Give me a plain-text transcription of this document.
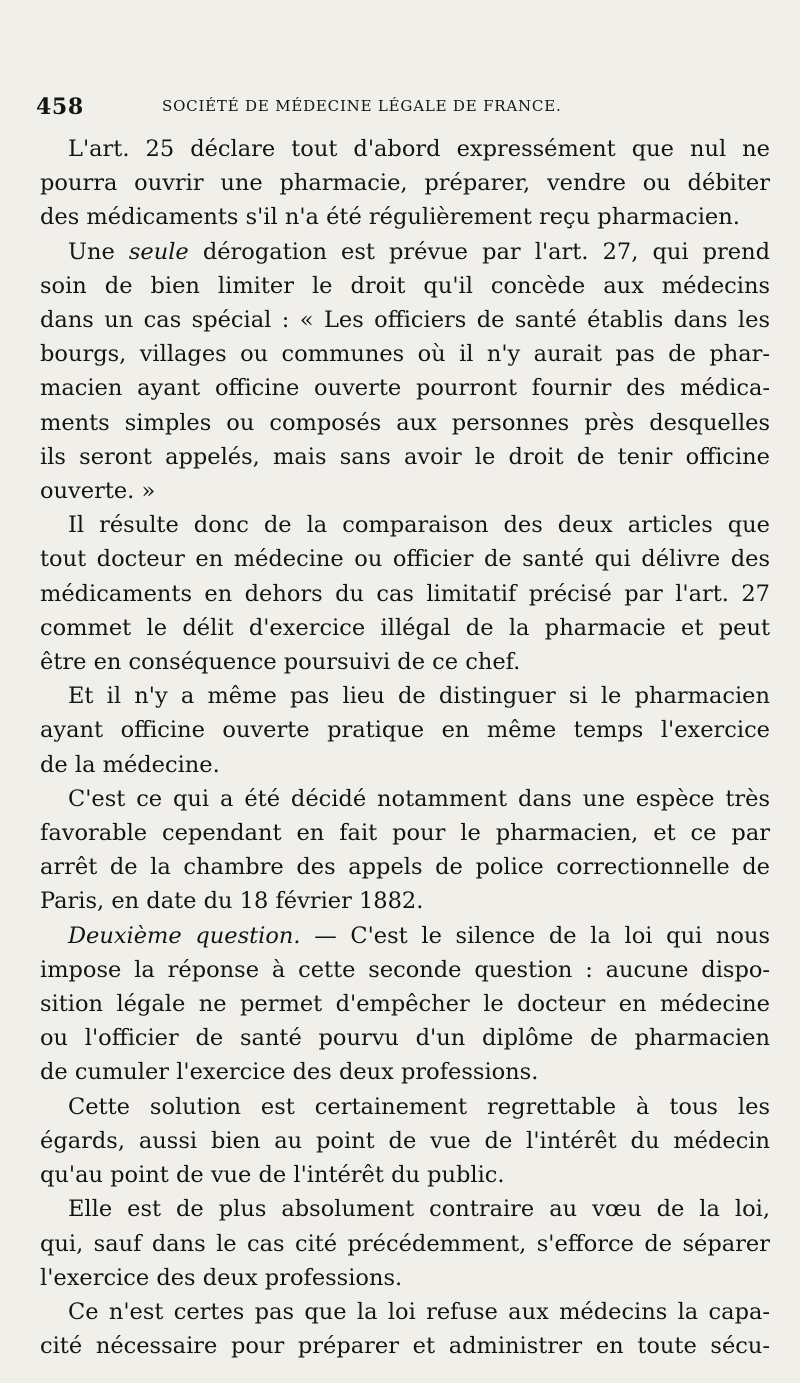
458	SOCIÉTÉ DE MÉDECINE LÉGALE DE FRANCE.

L'art. 25 déclare tout d'abord expressément que nul ne
pourra ouvrir une pharmacie, préparer, vendre ou débiter
des médicaments s'il n'a été régulièrement reçu pharmacien.

Une seule dérogation est prévue par l'art. 27, qui prend
soin de bien limiter le droit qu'il concède aux médecins
dans un cas spécial : « Les officiers de santé établis dans les
bourgs, villages ou communes où il n'y aurait pas de phar-
macien ayant officine ouverte pourront fournir des médica-
ments simples ou composés aux personnes près desquelles
ils seront appelés, mais sans avoir le droit de tenir officine
ouverte. »

Il résulte donc de la comparaison des deux articles que
tout docteur en médecine ou officier de santé qui délivre des
médicaments en dehors du cas limitatif précisé par l'art. 27
commet le délit d'exercice illégal de la pharmacie et peut
être en conséquence poursuivi de ce chef.

Et il n'y a même pas lieu de distinguer si le pharmacien
ayant officine ouverte pratique en même temps l'exercice
de la médecine.

C'est ce qui a été décidé notamment dans une espèce très
favorable cependant en fait pour le pharmacien, et ce par
arrêt de la chambre des appels de police correctionnelle de
Paris, en date du 18 février 1882.

Deuxième question. — C'est le silence de la loi qui nous
impose la réponse à cette seconde question : aucune dispo-
sition légale ne permet d'empêcher le docteur en médecine
ou l'officier de santé pourvu d'un diplôme de pharmacien
de cumuler l'exercice des deux professions.

Cette solution est certainement regrettable à tous les
égards, aussi bien au point de vue de l'intérêt du médecin
qu'au point de vue de l'intérêt du public.

Elle est de plus absolument contraire au vœu de la loi,
qui, sauf dans le cas cité précédemment, s'efforce de séparer
l'exercice des deux professions.

Ce n'est certes pas que la loi refuse aux médecins la capa-
cité nécessaire pour préparer et administrer en toute sécu-
